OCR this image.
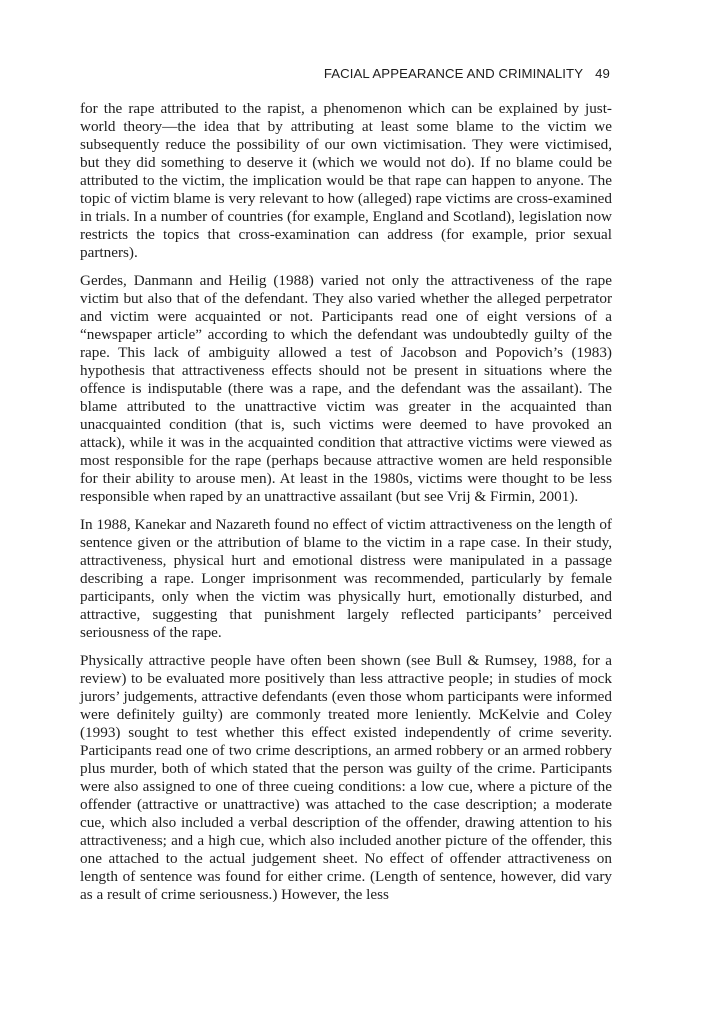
FACIAL APPEARANCE AND CRIMINALITY 49

for the rape attributed to the rapist, a phenomenon which can be explained by just-world theory—the idea that by attributing at least some blame to the victim we subsequently reduce the possibility of our own victimisation. They were victimised, but they did something to deserve it (which we would not do). If no blame could be attributed to the victim, the implication would be that rape can happen to anyone. The topic of victim blame is very relevant to how (alleged) rape victims are cross-examined in trials. In a number of countries (for example, England and Scotland), legislation now restricts the topics that cross-examination can address (for example, prior sexual partners).

Gerdes, Danmann and Heilig (1988) varied not only the attractiveness of the rape victim but also that of the defendant. They also varied whether the alleged perpetrator and victim were acquainted or not. Participants read one of eight versions of a “newspaper article” according to which the defendant was undoubtedly guilty of the rape. This lack of ambiguity allowed a test of Jacobson and Popovich’s (1983) hypothesis that attractiveness effects should not be present in situations where the offence is indisputable (there was a rape, and the defendant was the assailant). The blame attributed to the unattractive victim was greater in the acquainted than unacquainted condition (that is, such victims were deemed to have provoked an attack), while it was in the acquainted condition that attractive victims were viewed as most responsible for the rape (perhaps because attractive women are held responsible for their ability to arouse men). At least in the 1980s, victims were thought to be less responsible when raped by an unattractive assailant (but see Vrij & Firmin, 2001).

In 1988, Kanekar and Nazareth found no effect of victim attractiveness on the length of sentence given or the attribution of blame to the victim in a rape case. In their study, attractiveness, physical hurt and emotional distress were manipulated in a passage describing a rape. Longer imprisonment was recommended, particularly by female participants, only when the victim was physically hurt, emotionally disturbed, and attractive, suggesting that punishment largely reflected participants’ perceived seriousness of the rape.

Physically attractive people have often been shown (see Bull & Rumsey, 1988, for a review) to be evaluated more positively than less attractive people; in studies of mock jurors’ judgements, attractive defendants (even those whom participants were informed were definitely guilty) are commonly treated more leniently. McKelvie and Coley (1993) sought to test whether this effect existed independently of crime severity. Participants read one of two crime descriptions, an armed robbery or an armed robbery plus murder, both of which stated that the person was guilty of the crime. Participants were also assigned to one of three cueing conditions: a low cue, where a picture of the offender (attractive or unattractive) was attached to the case description; a moderate cue, which also included a verbal description of the offender, drawing attention to his attractiveness; and a high cue, which also included another picture of the offender, this one attached to the actual judgement sheet. No effect of offender attractiveness on length of sentence was found for either crime. (Length of sentence, however, did vary as a result of crime seriousness.) However, the less
